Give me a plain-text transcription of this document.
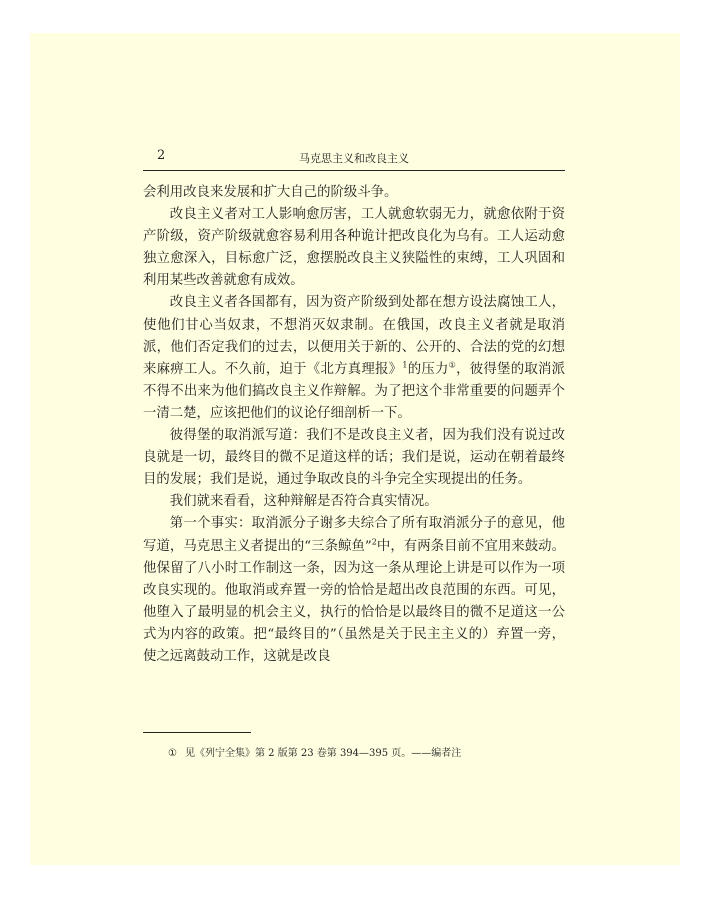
2	马克思主义和改良主义

会利用改良来发展和扩大自己的阶级斗争。

改良主义者对工人影响愈厉害，工人就愈软弱无力，就愈依附于资产阶级，资产阶级就愈容易利用各种诡计把改良化为乌有。工人运动愈独立愈深入，目标愈广泛，愈摆脱改良主义狭隘性的束缚，工人巩固和利用某些改善就愈有成效。

改良主义者各国都有，因为资产阶级到处都在想方设法腐蚀工人，使他们甘心当奴隶，不想消灭奴隶制。在俄国，改良主义者就是取消派，他们否定我们的过去，以便用关于新的、公开的、合法的党的幻想来麻痹工人。不久前，迫于《北方真理报》$^1$的压力①，彼得堡的取消派不得不出来为他们搞改良主义作辩解。为了把这个非常重要的问题弄个一清二楚，应该把他们的议论仔细剖析一下。

彼得堡的取消派写道：我们不是改良主义者，因为我们没有说过改良就是一切，最终目的微不足道这样的话；我们是说，运动在朝着最终目的发展；我们是说，通过争取改良的斗争完全实现提出的任务。

我们就来看看，这种辩解是否符合真实情况。

第一个事实：取消派分子谢多夫综合了所有取消派分子的意见，他写道，马克思主义者提出的“三条鲸鱼”$^2$中，有两条目前不宜用来鼓动。他保留了八小时工作制这一条，因为这一条从理论上讲是可以作为一项改良实现的。他取消或弃置一旁的恰恰是超出改良范围的东西。可见，他堕入了最明显的机会主义，执行的恰恰是以最终目的微不足道这一公式为内容的政策。把“最终目的”（虽然是关于民主主义的）弃置一旁，使之远离鼓动工作，这就是改良

① 见《列宁全集》第 2 版第 23 卷第 394—395 页。——编者注
